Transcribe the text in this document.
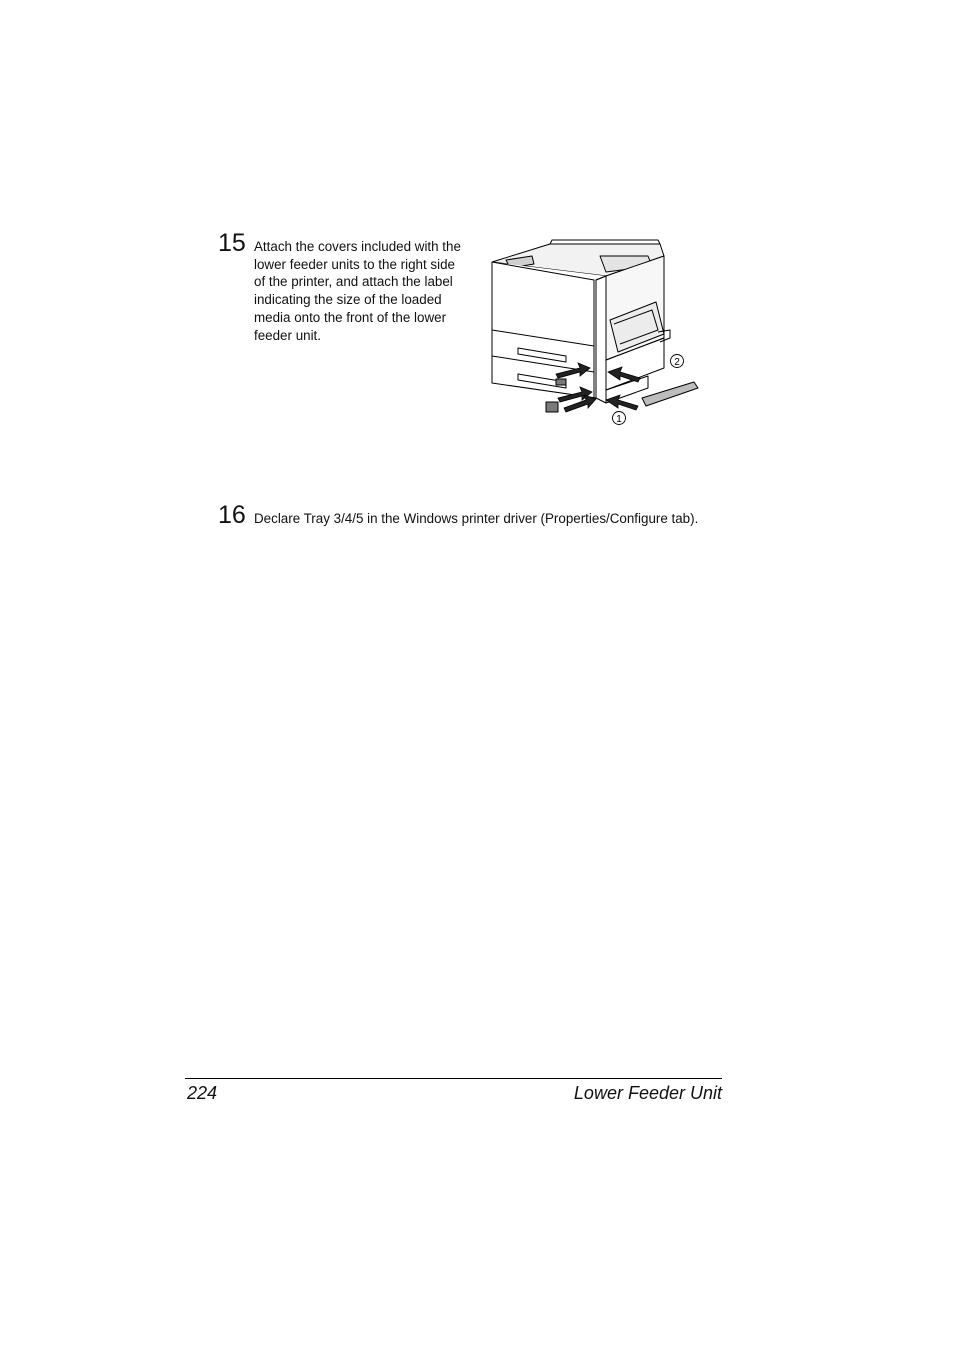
15 Attach the covers included with the lower feeder units to the right side of the printer, and attach the label indicating the size of the loaded media onto the front of the lower feeder unit.
1
2
16 Declare Tray 3/4/5 in the Windows printer driver (Properties/Configure tab).
224	Lower Feeder Unit
